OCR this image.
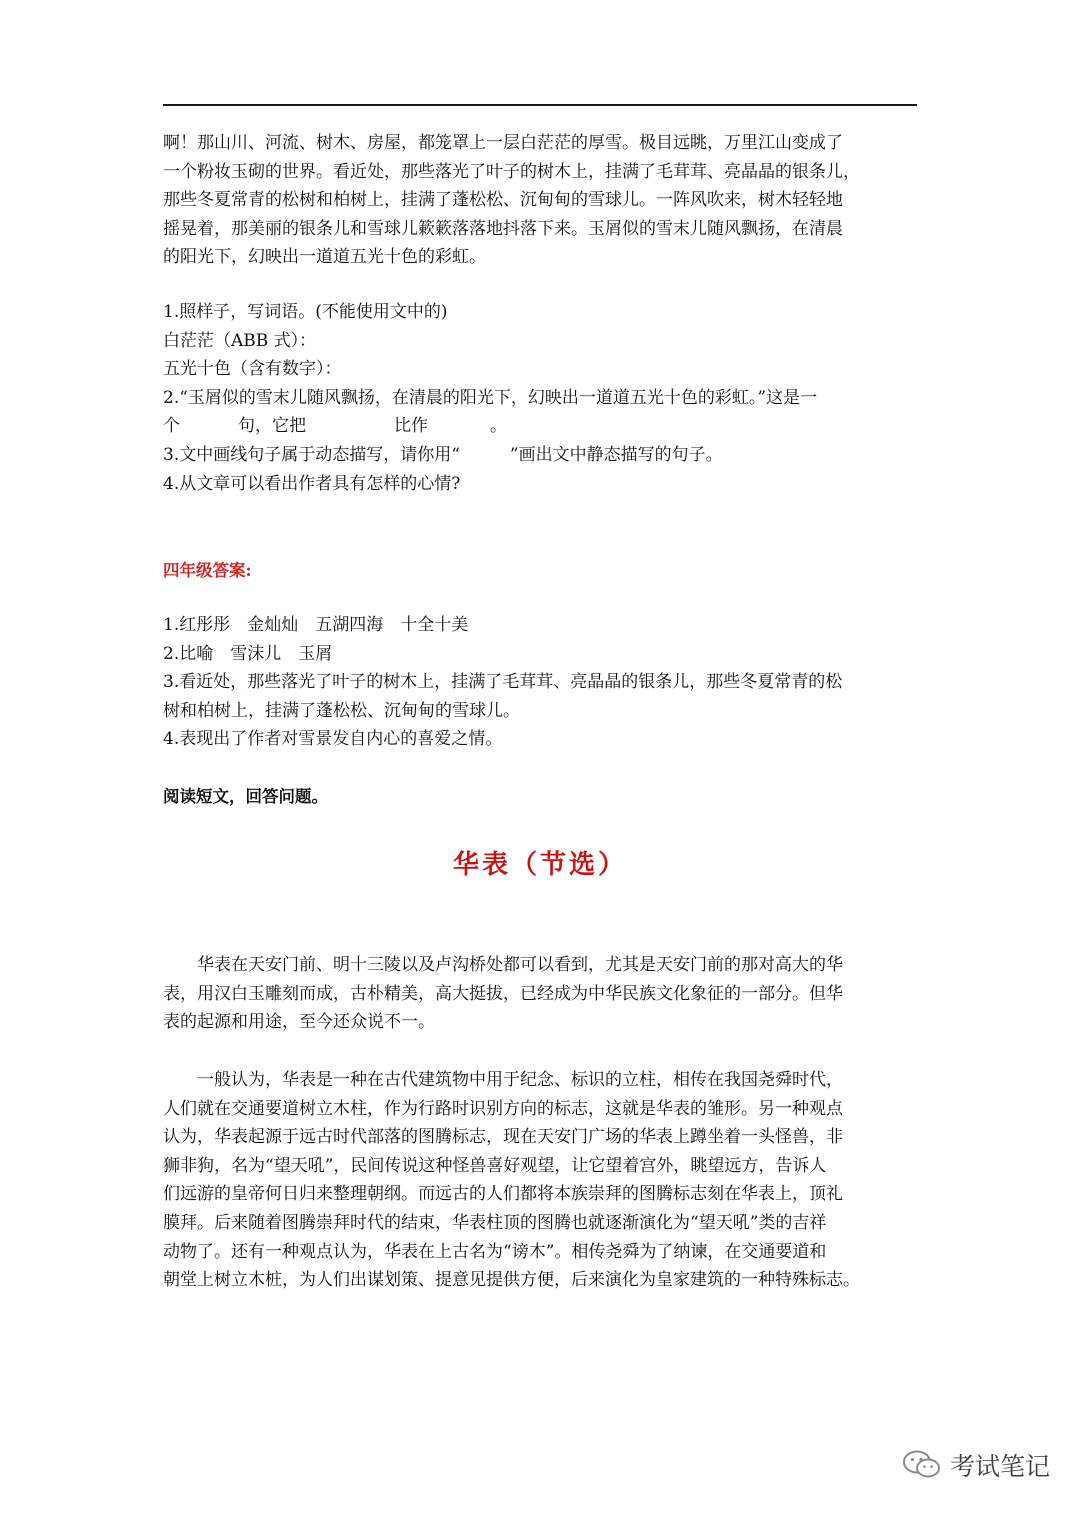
啊！那山川、河流、树木、房屋，都笼罩上一层白茫茫的厚雪。极目远眺，万里江山变成了
一个粉妆玉砌的世界。看近处，那些落光了叶子的树木上，挂满了毛茸茸、亮晶晶的银条儿，
那些冬夏常青的松树和柏树上，挂满了蓬松松、沉甸甸的雪球儿。一阵风吹来，树木轻轻地
摇晃着，那美丽的银条儿和雪球儿簌簌落落地抖落下来。玉屑似的雪末儿随风飘扬，在清晨
的阳光下，幻映出一道道五光十色的彩虹。
1.照样子，写词语。(不能使用文中的)
白茫茫（ABB 式）：
五光十色（含有数字）：
2.“玉屑似的雪末儿随风飘扬，在清晨的阳光下，幻映出一道道五光十色的彩虹。”这是一
个	句，它把	比作	。
3.文中画线句子属于动态描写，请你用“	”画出文中静态描写的句子。
4.从文章可以看出作者具有怎样的心情?
四年级答案:
1.红彤彤　金灿灿　五湖四海　十全十美
2.比喻　雪沫儿　玉屑
3.看近处，那些落光了叶子的树木上，挂满了毛茸茸、亮晶晶的银条儿，那些冬夏常青的松
树和柏树上，挂满了蓬松松、沉甸甸的雪球儿。
4.表现出了作者对雪景发自内心的喜爱之情。
阅读短文，回答问题。
华表（节选）
华表在天安门前、明十三陵以及卢沟桥处都可以看到，尤其是天安门前的那对高大的华
表，用汉白玉雕刻而成，古朴精美，高大挺拔，已经成为中华民族文化象征的一部分。但华
表的起源和用途，至今还众说不一。
一般认为，华表是一种在古代建筑物中用于纪念、标识的立柱，相传在我国尧舜时代，
人们就在交通要道树立木柱，作为行路时识别方向的标志，这就是华表的雏形。另一种观点
认为，华表起源于远古时代部落的图腾标志，现在天安门广场的华表上蹲坐着一头怪兽，非
狮非狗，名为“望天吼”，民间传说这种怪兽喜好观望，让它望着宫外，眺望远方，告诉人
们远游的皇帝何日归来整理朝纲。而远古的人们都将本族崇拜的图腾标志刻在华表上，顶礼
膜拜。后来随着图腾崇拜时代的结束，华表柱顶的图腾也就逐渐演化为“望天吼”类的吉祥
动物了。还有一种观点认为，华表在上古名为“谤木”。相传尧舜为了纳谏，在交通要道和
朝堂上树立木桩，为人们出谋划策、提意见提供方便，后来演化为皇家建筑的一种特殊标志。
考试笔记
